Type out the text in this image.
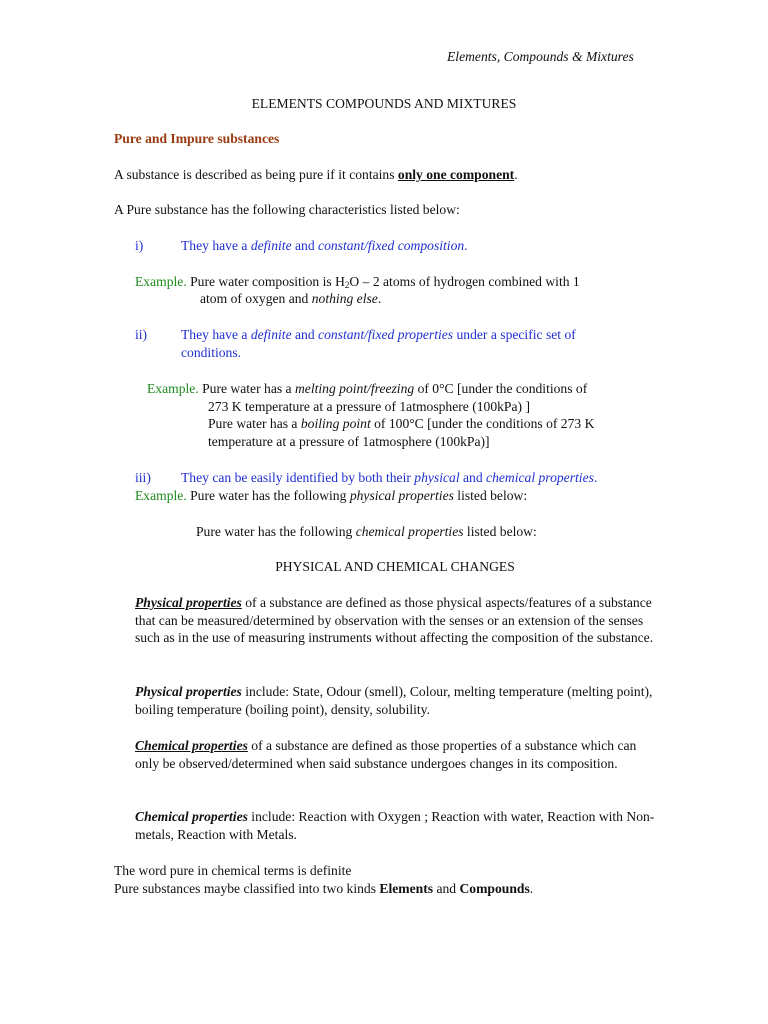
Elements, Compounds & Mixtures
ELEMENTS COMPOUNDS AND MIXTURES
Pure and Impure substances
A substance is described as being pure if it contains only one component.
A Pure substance has the following characteristics listed below:
i)	They have a definite and constant/fixed composition.
Example. Pure water composition is $H_2O - 2$ atoms of hydrogen combined with 1
atom of oxygen and nothing else.
ii) They have a definite and constant/fixed properties under a specific set of
conditions.
Example. Pure water has a melting point/freezing of 0°C [under the conditions of
273 K temperature at a pressure of 1atmosphere (100kPa) ]
Pure water has a boiling point of 100°C [under the conditions of 273 K
temperature at a pressure of 1atmosphere (100kPa)]
iii) They can be easily identified by both their physical and chemical properties.
Example. Pure water has the following physical properties listed below:
Pure water has the following chemical properties listed below:
PHYSICAL AND CHEMICAL CHANGES
Physical properties of a substance are defined as those physical aspects/features of a substance that can be measured/determined by observation with the senses or an extension of the senses such as in the use of measuring instruments without affecting the composition of the substance.
Physical properties include: State, Odour (smell), Colour, melting temperature (melting point), boiling temperature (boiling point), density, solubility.
Chemical properties of a substance are defined as those properties of a substance which can only be observed/determined when said substance undergoes changes in its composition.
Chemical properties include: Reaction with Oxygen ; Reaction with water, Reaction with Non-metals, Reaction with Metals.
The word pure in chemical terms is definite
Pure substances maybe classified into two kinds Elements and Compounds.
